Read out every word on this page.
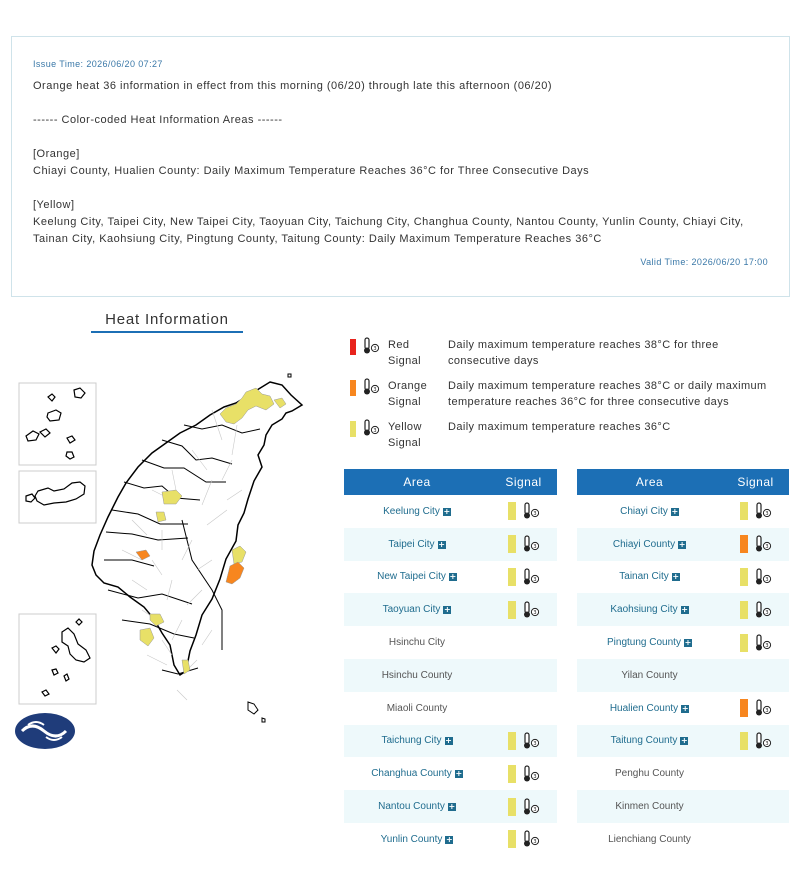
Issue Time: 2026/06/20 07:27
Orange heat 36 information in effect from this morning (06/20) through late this afternoon (06/20)
------ Color-coded Heat Information Areas ------
[Orange]
Chiayi County, Hualien County: Daily Maximum Temperature Reaches 36°C for Three Consecutive Days
[Yellow]
Keelung City, Taipei City, New Taipei City, Taoyuan City, Taichung City, Changhua County, Nantou County, Yunlin County, Chiayi City,
Tainan City, Kaohsiung City, Pingtung County, Taitung County: Daily Maximum Temperature Reaches 36°C
Valid Time: 2026/06/20 17:00
Heat Information
3 Red
Signal
Daily maximum temperature reaches 38°C for three consecutive days
3 Orange
Signal
Daily maximum temperature reaches 38°C or daily maximum temperature reaches 36°C for three consecutive days
3 Yellow
Signal
Daily maximum temperature reaches 36°C
Area	Signal
Keelung City +	3

Taipei City +	3

New Taipei City +	3

Taoyuan City +	3

Hsinchu City	
Hsinchu County	
Miaoli County	
Taichung City +	3

Changhua County +	3

Nantou County +	3

Yunlin County +	3
Area	Signal
Chiayi City +	3

Chiayi County +	3

Tainan City +	3

Kaohsiung City +	3

Pingtung County +	3

Yilan County	
Hualien County +	3

Taitung County +	3

Penghu County	
Kinmen County	
Lienchiang County	
